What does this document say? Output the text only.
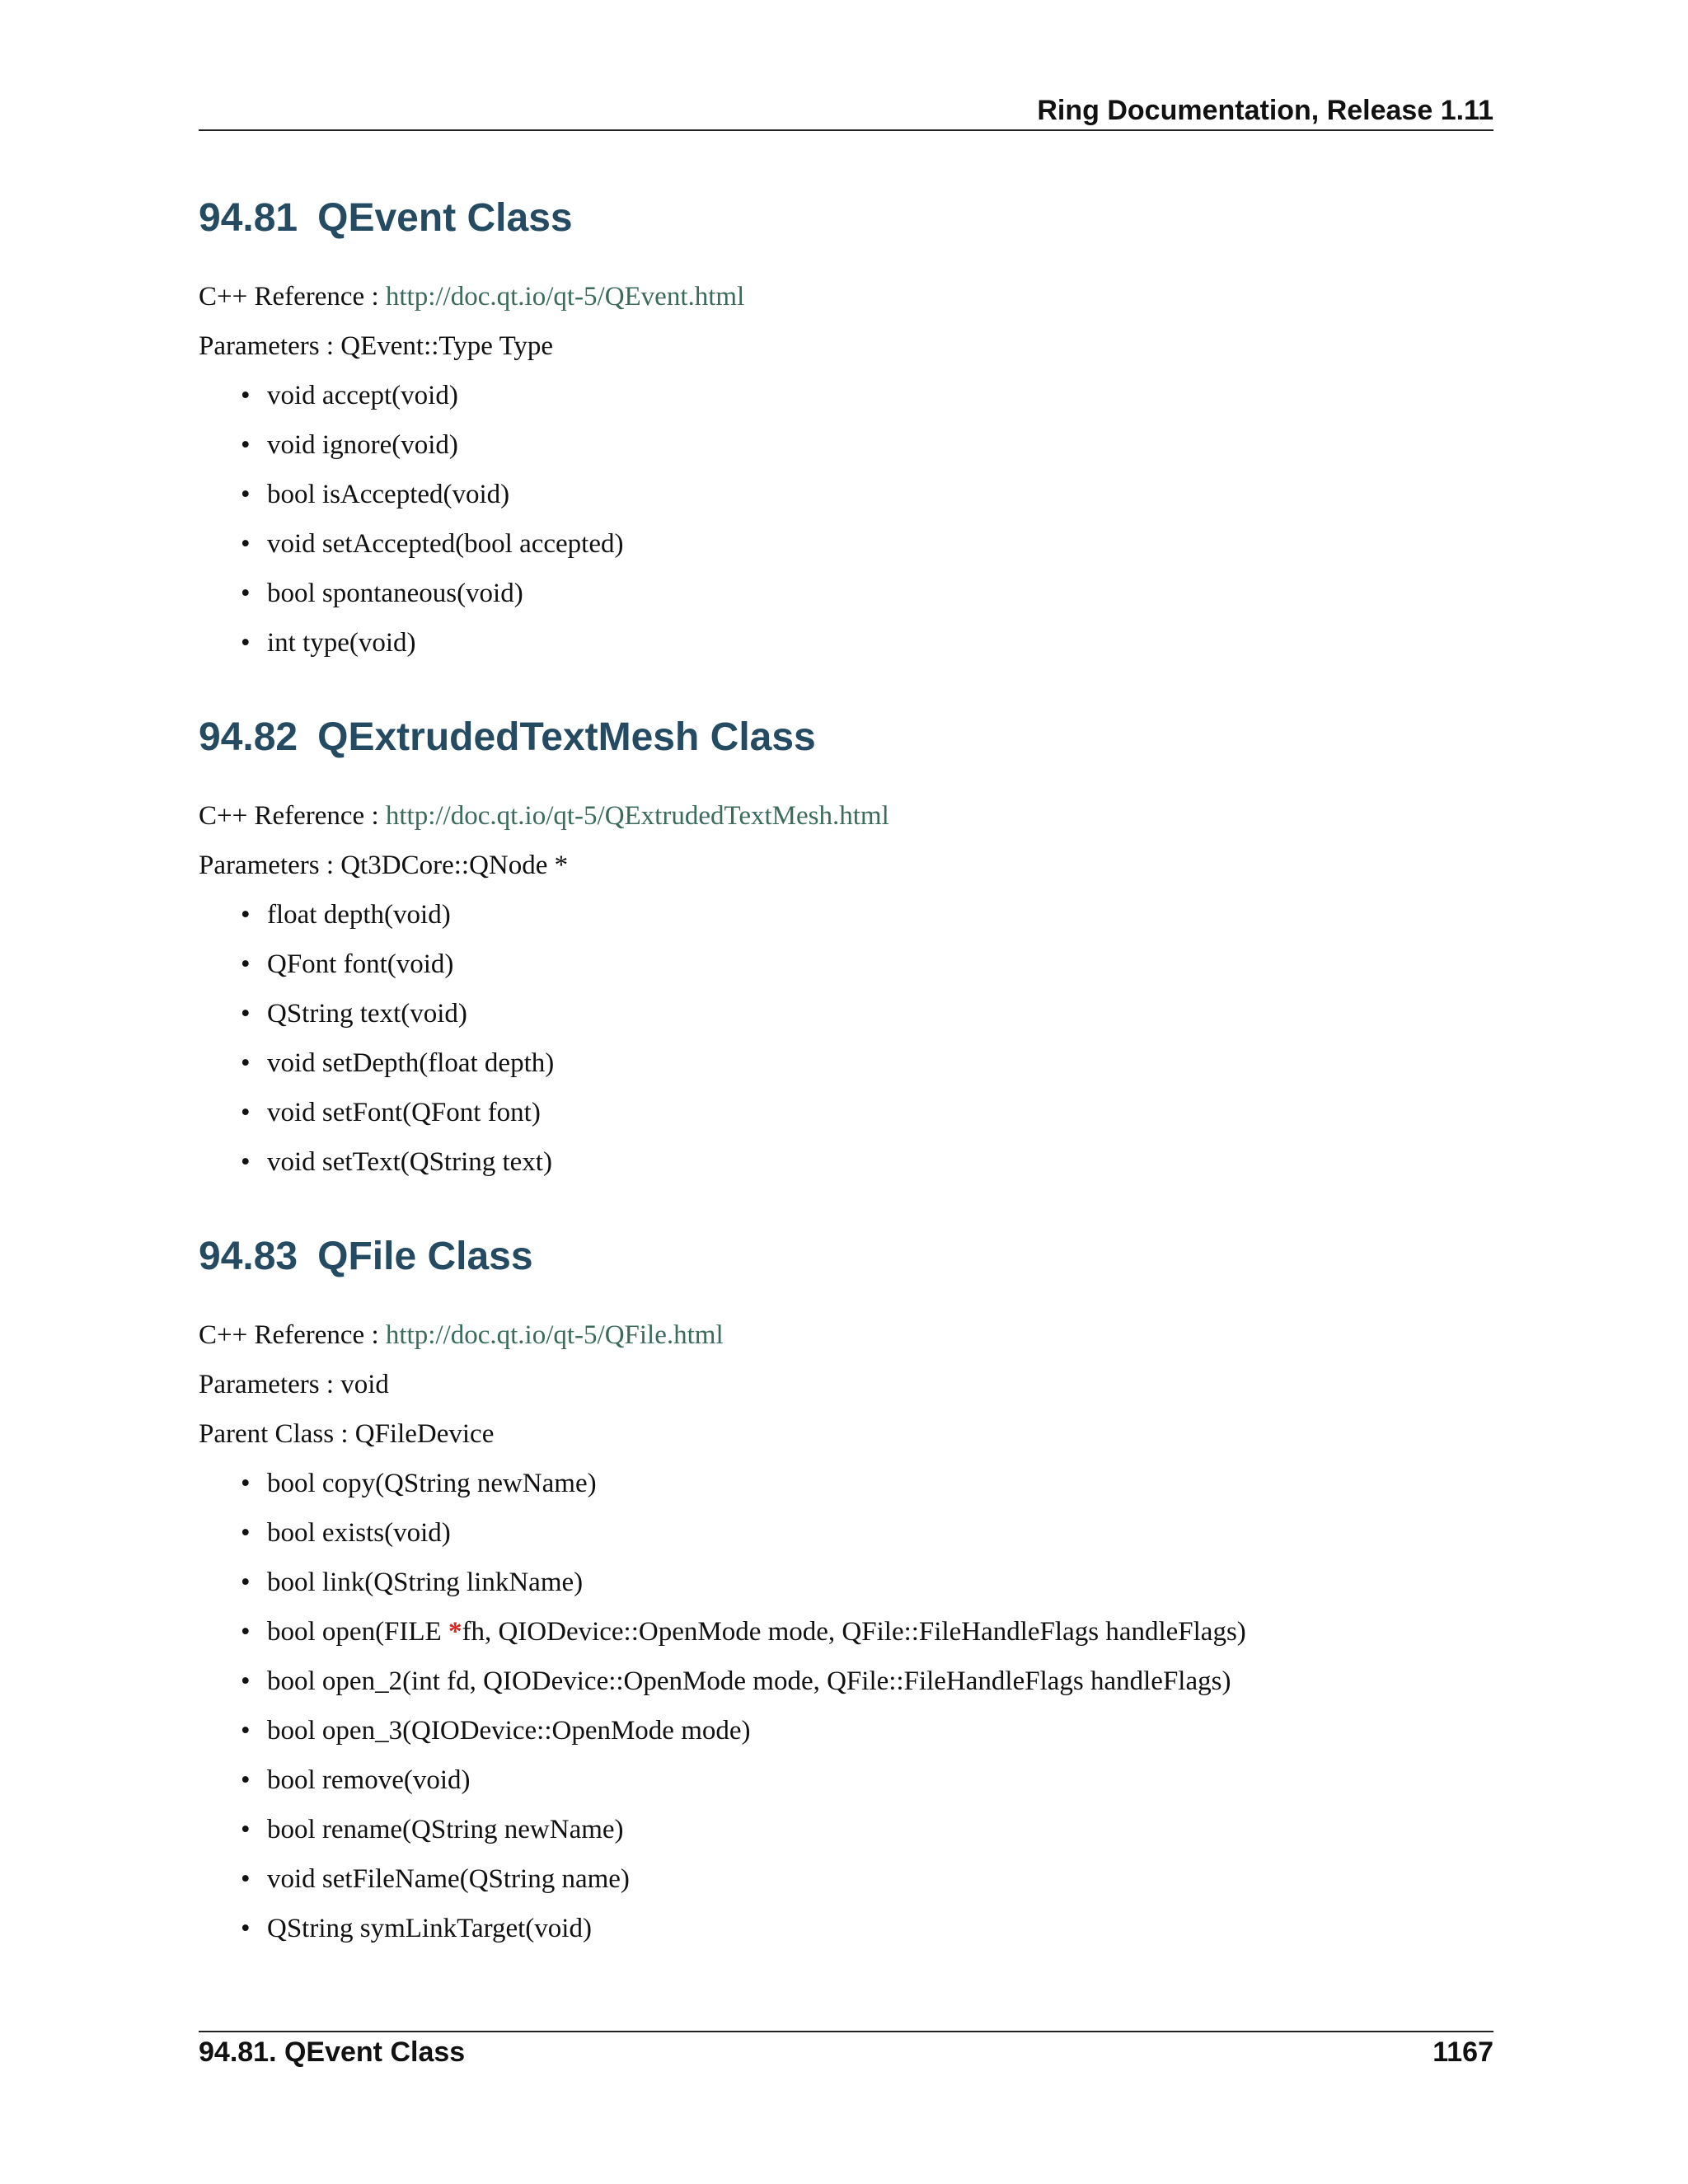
Ring Documentation, Release 1.11
94.81 QEvent Class

C++ Reference : http://doc.qt.io/qt-5/QEvent.html

Parameters : QEvent::Type Type

• void accept(void)
• void ignore(void)
• bool isAccepted(void)
• void setAccepted(bool accepted)
• bool spontaneous(void)
• int type(void)
94.82 QExtrudedTextMesh Class

C++ Reference : http://doc.qt.io/qt-5/QExtrudedTextMesh.html

Parameters : Qt3DCore::QNode *

• float depth(void)
• QFont font(void)
• QString text(void)
• void setDepth(float depth)
• void setFont(QFont font)
• void setText(QString text)
94.83 QFile Class

C++ Reference : http://doc.qt.io/qt-5/QFile.html

Parameters : void

Parent Class : QFileDevice

• bool copy(QString newName)
• bool exists(void)
• bool link(QString linkName)
• bool open(FILE *fh, QIODevice::OpenMode mode, QFile::FileHandleFlags handleFlags)
• bool open_2(int fd, QIODevice::OpenMode mode, QFile::FileHandleFlags handleFlags)
• bool open_3(QIODevice::OpenMode mode)
• bool remove(void)
• bool rename(QString newName)
• void setFileName(QString name)
• QString symLinkTarget(void)
94.81. QEvent Class	1167
